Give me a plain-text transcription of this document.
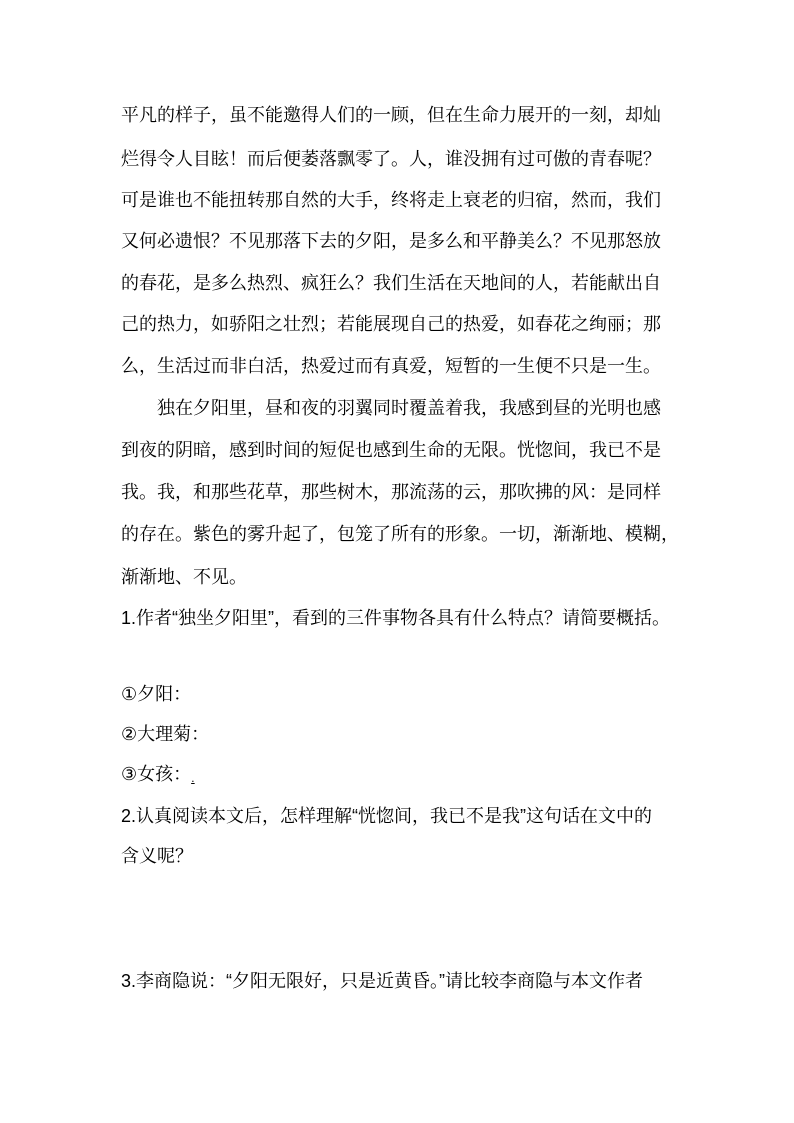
平凡的样子，虽不能邀得人们的一顾，但在生命力展开的一刻，却灿
烂得令人目眩！而后便萎落飘零了。人，谁没拥有过可傲的青春呢？
可是谁也不能扭转那自然的大手，终将走上衰老的归宿，然而，我们
又何必遗恨？不见那落下去的夕阳，是多么和平静美么？不见那怒放
的春花，是多么热烈、疯狂么？我们生活在天地间的人，若能献出自
己的热力，如骄阳之壮烈；若能展现自己的热爱，如春花之绚丽；那
么，生活过而非白活，热爱过而有真爱，短暂的一生便不只是一生。
独在夕阳里，昼和夜的羽翼同时覆盖着我，我感到昼的光明也感
到夜的阴暗，感到时间的短促也感到生命的无限。恍惚间，我已不是
我。我，和那些花草，那些树木，那流荡的云，那吹拂的风：是同样
的存在。紫色的雾升起了，包笼了所有的形象。一切，渐渐地、模糊，
渐渐地、不见。
1.作者“独坐夕阳里”，看到的三件事物各具有什么特点？请简要概括。
①夕阳：
②大理菊：
③女孩：.
2.认真阅读本文后，怎样理解“恍惚间，我已不是我”这句话在文中的
含义呢？
3.李商隐说：“夕阳无限好，只是近黄昏。”请比较李商隐与本文作者
